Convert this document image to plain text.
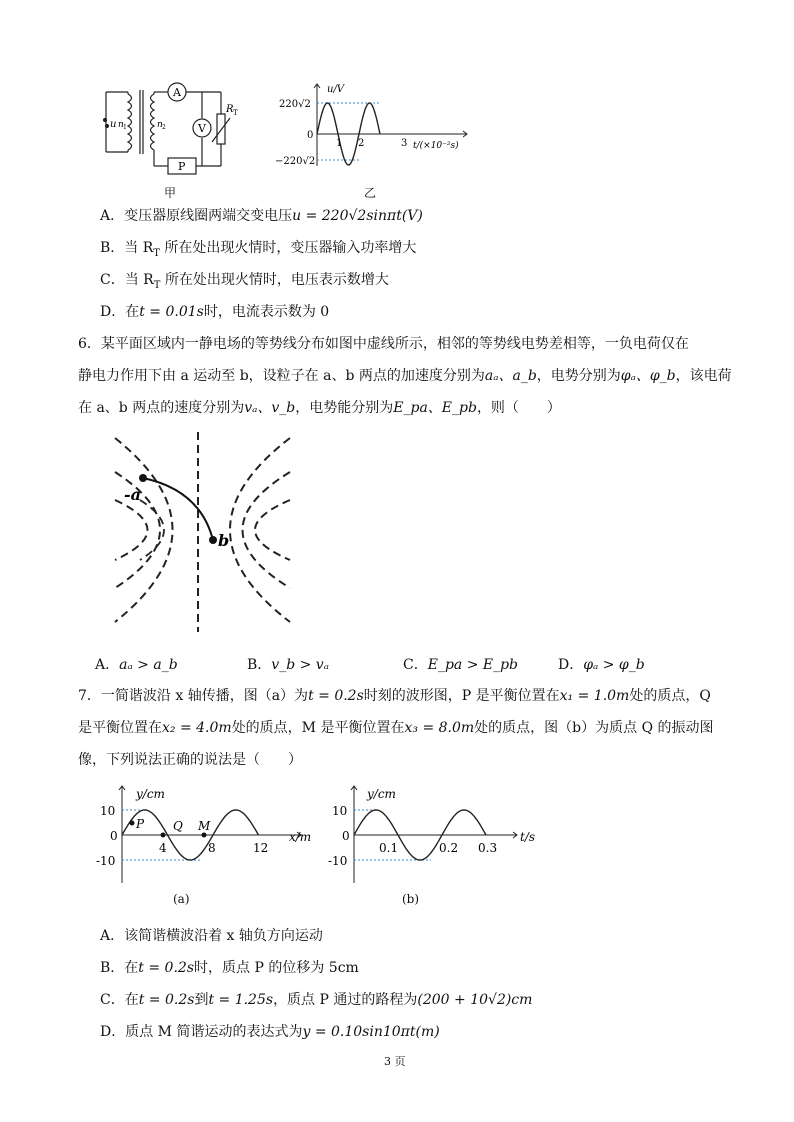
A
V
R T
P
u n 1	n 2
甲
u/V
220√2
0
−220√2
1 2	3 t/(×10⁻²s)
乙
A．变压器原线圈两端交变电压u = 220√2sinπt(V)
B．当 $R_T$ 所在处出现火情时，变压器输入功率增大
C．当 $R_T$ 所在处出现火情时，电压表示数增大
D．在t = 0.01s时，电流表示数为 0
6．某平面区域内一静电场的等势线分布如图中虚线所示，相邻的等势线电势差相等，一负电荷仅在
静电力作用下由 a 运动至 b，设粒子在 a、b 两点的加速度分别为aₐ、a_b，电势分别为φₐ、φ_b，该电荷
在 a、b 两点的速度分别为vₐ、v_b，电势能分别为E_pa、E_pb，则（　　）
-a
b
A．aₐ > a_b	B．v_b > vₐ	C．E_pa > E_pb	D．φₐ > φ_b
7．一简谐波沿 x 轴传播，图（a）为t = 0.2s时刻的波形图，P 是平衡位置在x₁ = 1.0m处的质点，Q
是平衡位置在x₂ = 4.0m处的质点，M 是平衡位置在x₃ = 8.0m处的质点，图（b）为质点 Q 的振动图
像，下列说法正确的说法是（　　）
y/cm
10
0
-10
P Q M
4	8	12
x/m
(a)
y/cm
10
0
-10
0.1	0.2 0.3
t/s
(b)
A．该简谐横波沿着 x 轴负方向运动
B．在t = 0.2s时，质点 P 的位移为 5cm
C．在t = 0.2s到t = 1.25s，质点 P 通过的路程为(200 + 10√2)cm
D．质点 M 简谐运动的表达式为y = 0.10sin10πt(m)
3 页
